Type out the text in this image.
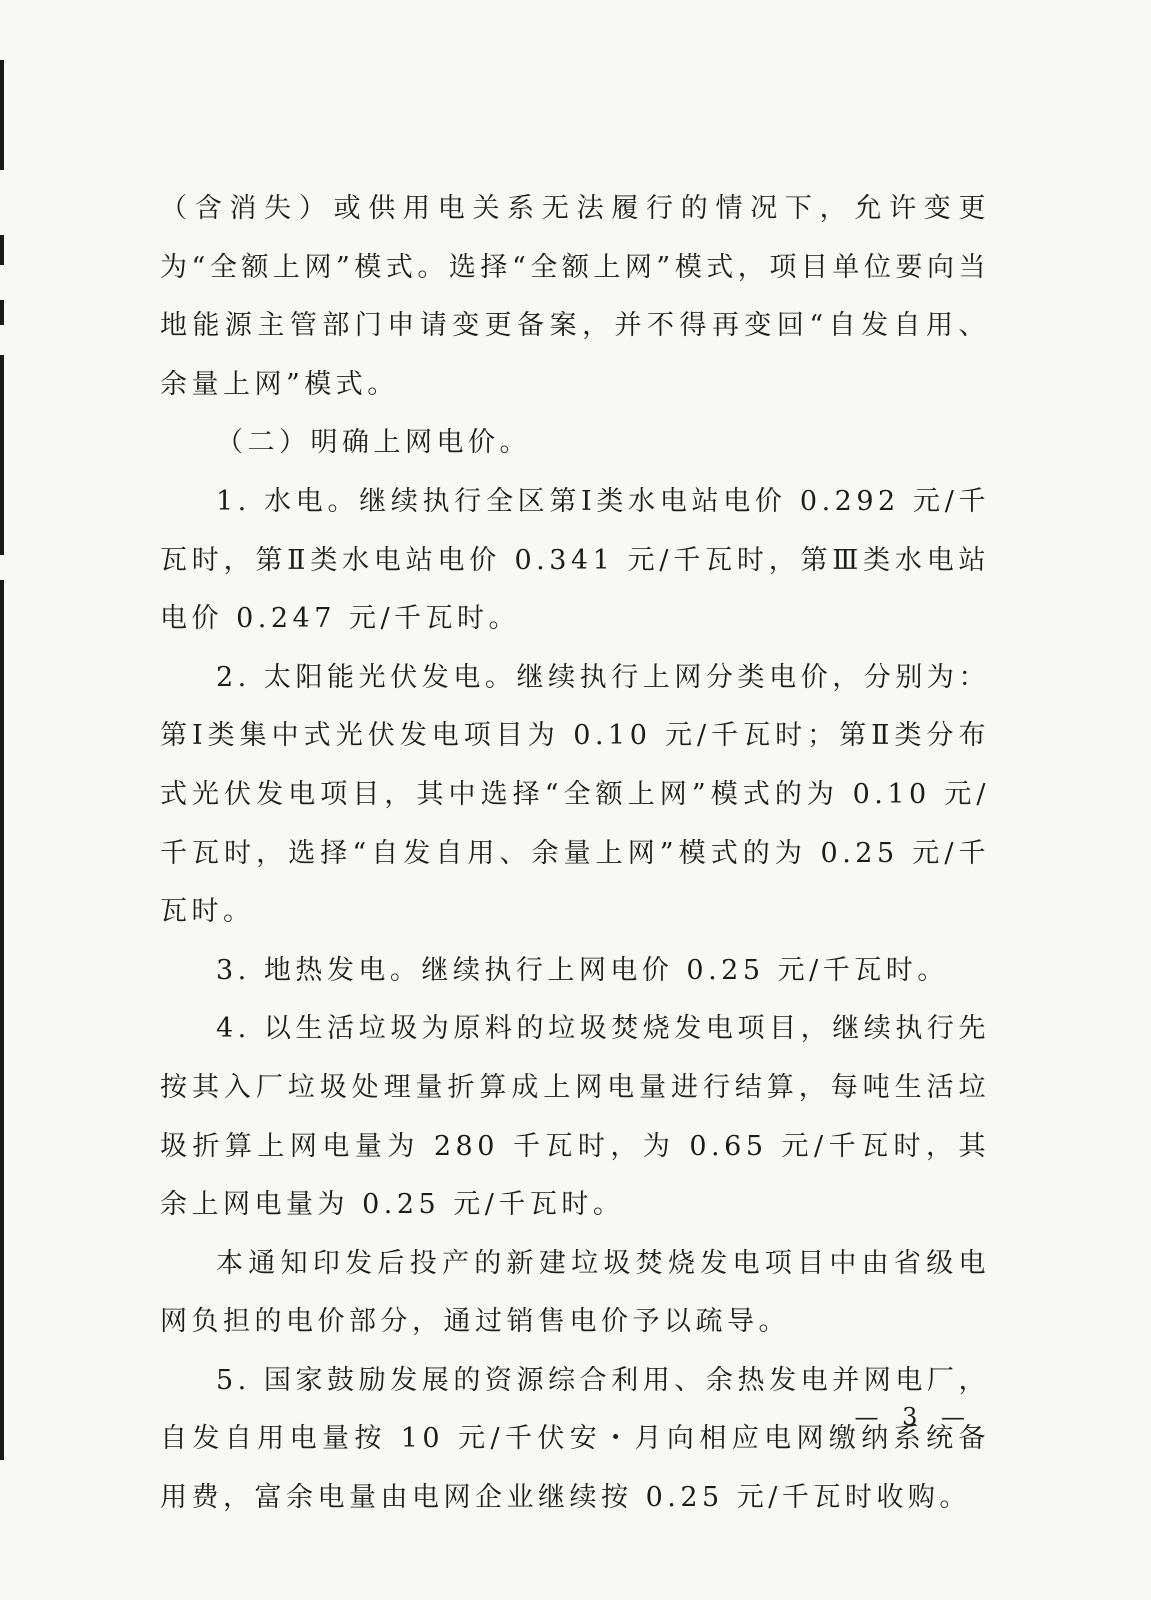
（含消失）或供用电关系无法履行的情况下，允许变更为“全额上网”模式。选择“全额上网”模式，项目单位要向当地能源主管部门申请变更备案，并不得再变回“自发自用、余量上网”模式。

（二）明确上网电价。

1. 水电。继续执行全区第Ⅰ类水电站电价 0.292 元/千瓦时，第Ⅱ类水电站电价 0.341 元/千瓦时，第Ⅲ类水电站电价 0.247 元/千瓦时。

2. 太阳能光伏发电。继续执行上网分类电价，分别为：第Ⅰ类集中式光伏发电项目为 0.10 元/千瓦时；第Ⅱ类分布式光伏发电项目，其中选择“全额上网”模式的为 0.10 元/千瓦时，选择“自发自用、余量上网”模式的为 0.25 元/千瓦时。

3. 地热发电。继续执行上网电价 0.25 元/千瓦时。

4. 以生活垃圾为原料的垃圾焚烧发电项目，继续执行先按其入厂垃圾处理量折算成上网电量进行结算，每吨生活垃圾折算上网电量为 280 千瓦时，为 0.65 元/千瓦时，其余上网电量为 0.25 元/千瓦时。

本通知印发后投产的新建垃圾焚烧发电项目中由省级电网负担的电价部分，通过销售电价予以疏导。

5. 国家鼓励发展的资源综合利用、余热发电并网电厂，自发自用电量按 10 元/千伏安・月向相应电网缴纳系统备用费，富余电量由电网企业继续按 0.25 元/千瓦时收购。

— 3 —
